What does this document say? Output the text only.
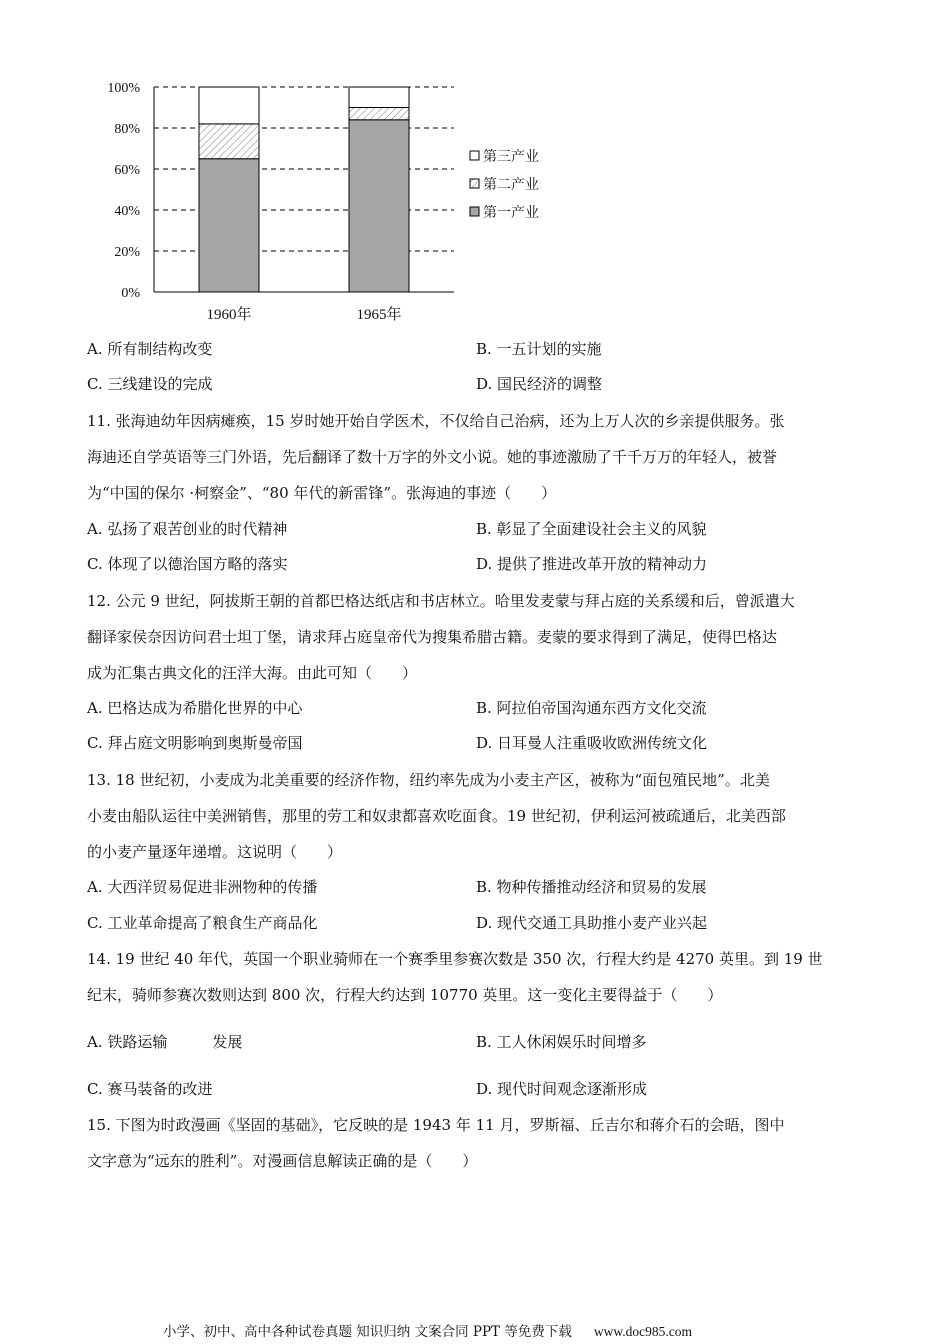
0%
20%
40%
60%
80%
100%
1960年	1965年
第三产业
第二产业
第一产业
A. 所有制结构改变	B. 一五计划的实施
C. 三线建设的完成	D. 国民经济的调整
11. 张海迪幼年因病瘫痪，15 岁时她开始自学医术，不仅给自己治病，还为上万人次的乡亲提供服务。张
海迪还自学英语等三门外语，先后翻译了数十万字的外文小说。她的事迹激励了千千万万的年轻人，被誉
为“中国的保尔 ·柯察金”、“80 年代的新雷锋”。张海迪的事迹（　　）
A. 弘扬了艰苦创业的时代精神	B. 彰显了全面建设社会主义的风貌
C. 体现了以德治国方略的落实	D. 提供了推进改革开放的精神动力
12. 公元 9 世纪，阿拔斯王朝的首都巴格达纸店和书店林立。哈里发麦蒙与拜占庭的关系缓和后，曾派遣大
翻译家侯奈因访问君士坦丁堡，请求拜占庭皇帝代为搜集希腊古籍。麦蒙的要求得到了满足，使得巴格达
成为汇集古典文化的汪洋大海。由此可知（　　）
A. 巴格达成为希腊化世界的中心	B. 阿拉伯帝国沟通东西方文化交流
C. 拜占庭文明影响到奥斯曼帝国	D. 日耳曼人注重吸收欧洲传统文化
13. 18 世纪初，小麦成为北美重要的经济作物，纽约率先成为小麦主产区，被称为“面包殖民地”。北美
小麦由船队运往中美洲销售，那里的劳工和奴隶都喜欢吃面食。19 世纪初，伊利运河被疏通后，北美西部
的小麦产量逐年递增。这说明（　　）
A. 大西洋贸易促进非洲物种的传播	B. 物种传播推动经济和贸易的发展
C. 工业革命提高了粮食生产商品化	D. 现代交通工具助推小麦产业兴起
14. 19 世纪 40 年代，英国一个职业骑师在一个赛季里参赛次数是 350 次，行程大约是 4270 英里。到 19 世
纪末，骑师参赛次数则达到 800 次，行程大约达到 10770 英里。这一变化主要得益于（　　）
A. 铁路运输　　　发展	B. 工人休闲娱乐时间增多
C. 赛马装备的改进	D. 现代时间观念逐渐形成
15. 下图为时政漫画《坚固的基础》，它反映的是 1943 年 11 月，罗斯福、丘吉尔和蒋介石的会晤，图中
文字意为“远东的胜利”。对漫画信息解读正确的是（　　）
小学、初中、高中各种试卷真题 知识归纳 文案合同 PPT 等免费下载 www.doc985.com
